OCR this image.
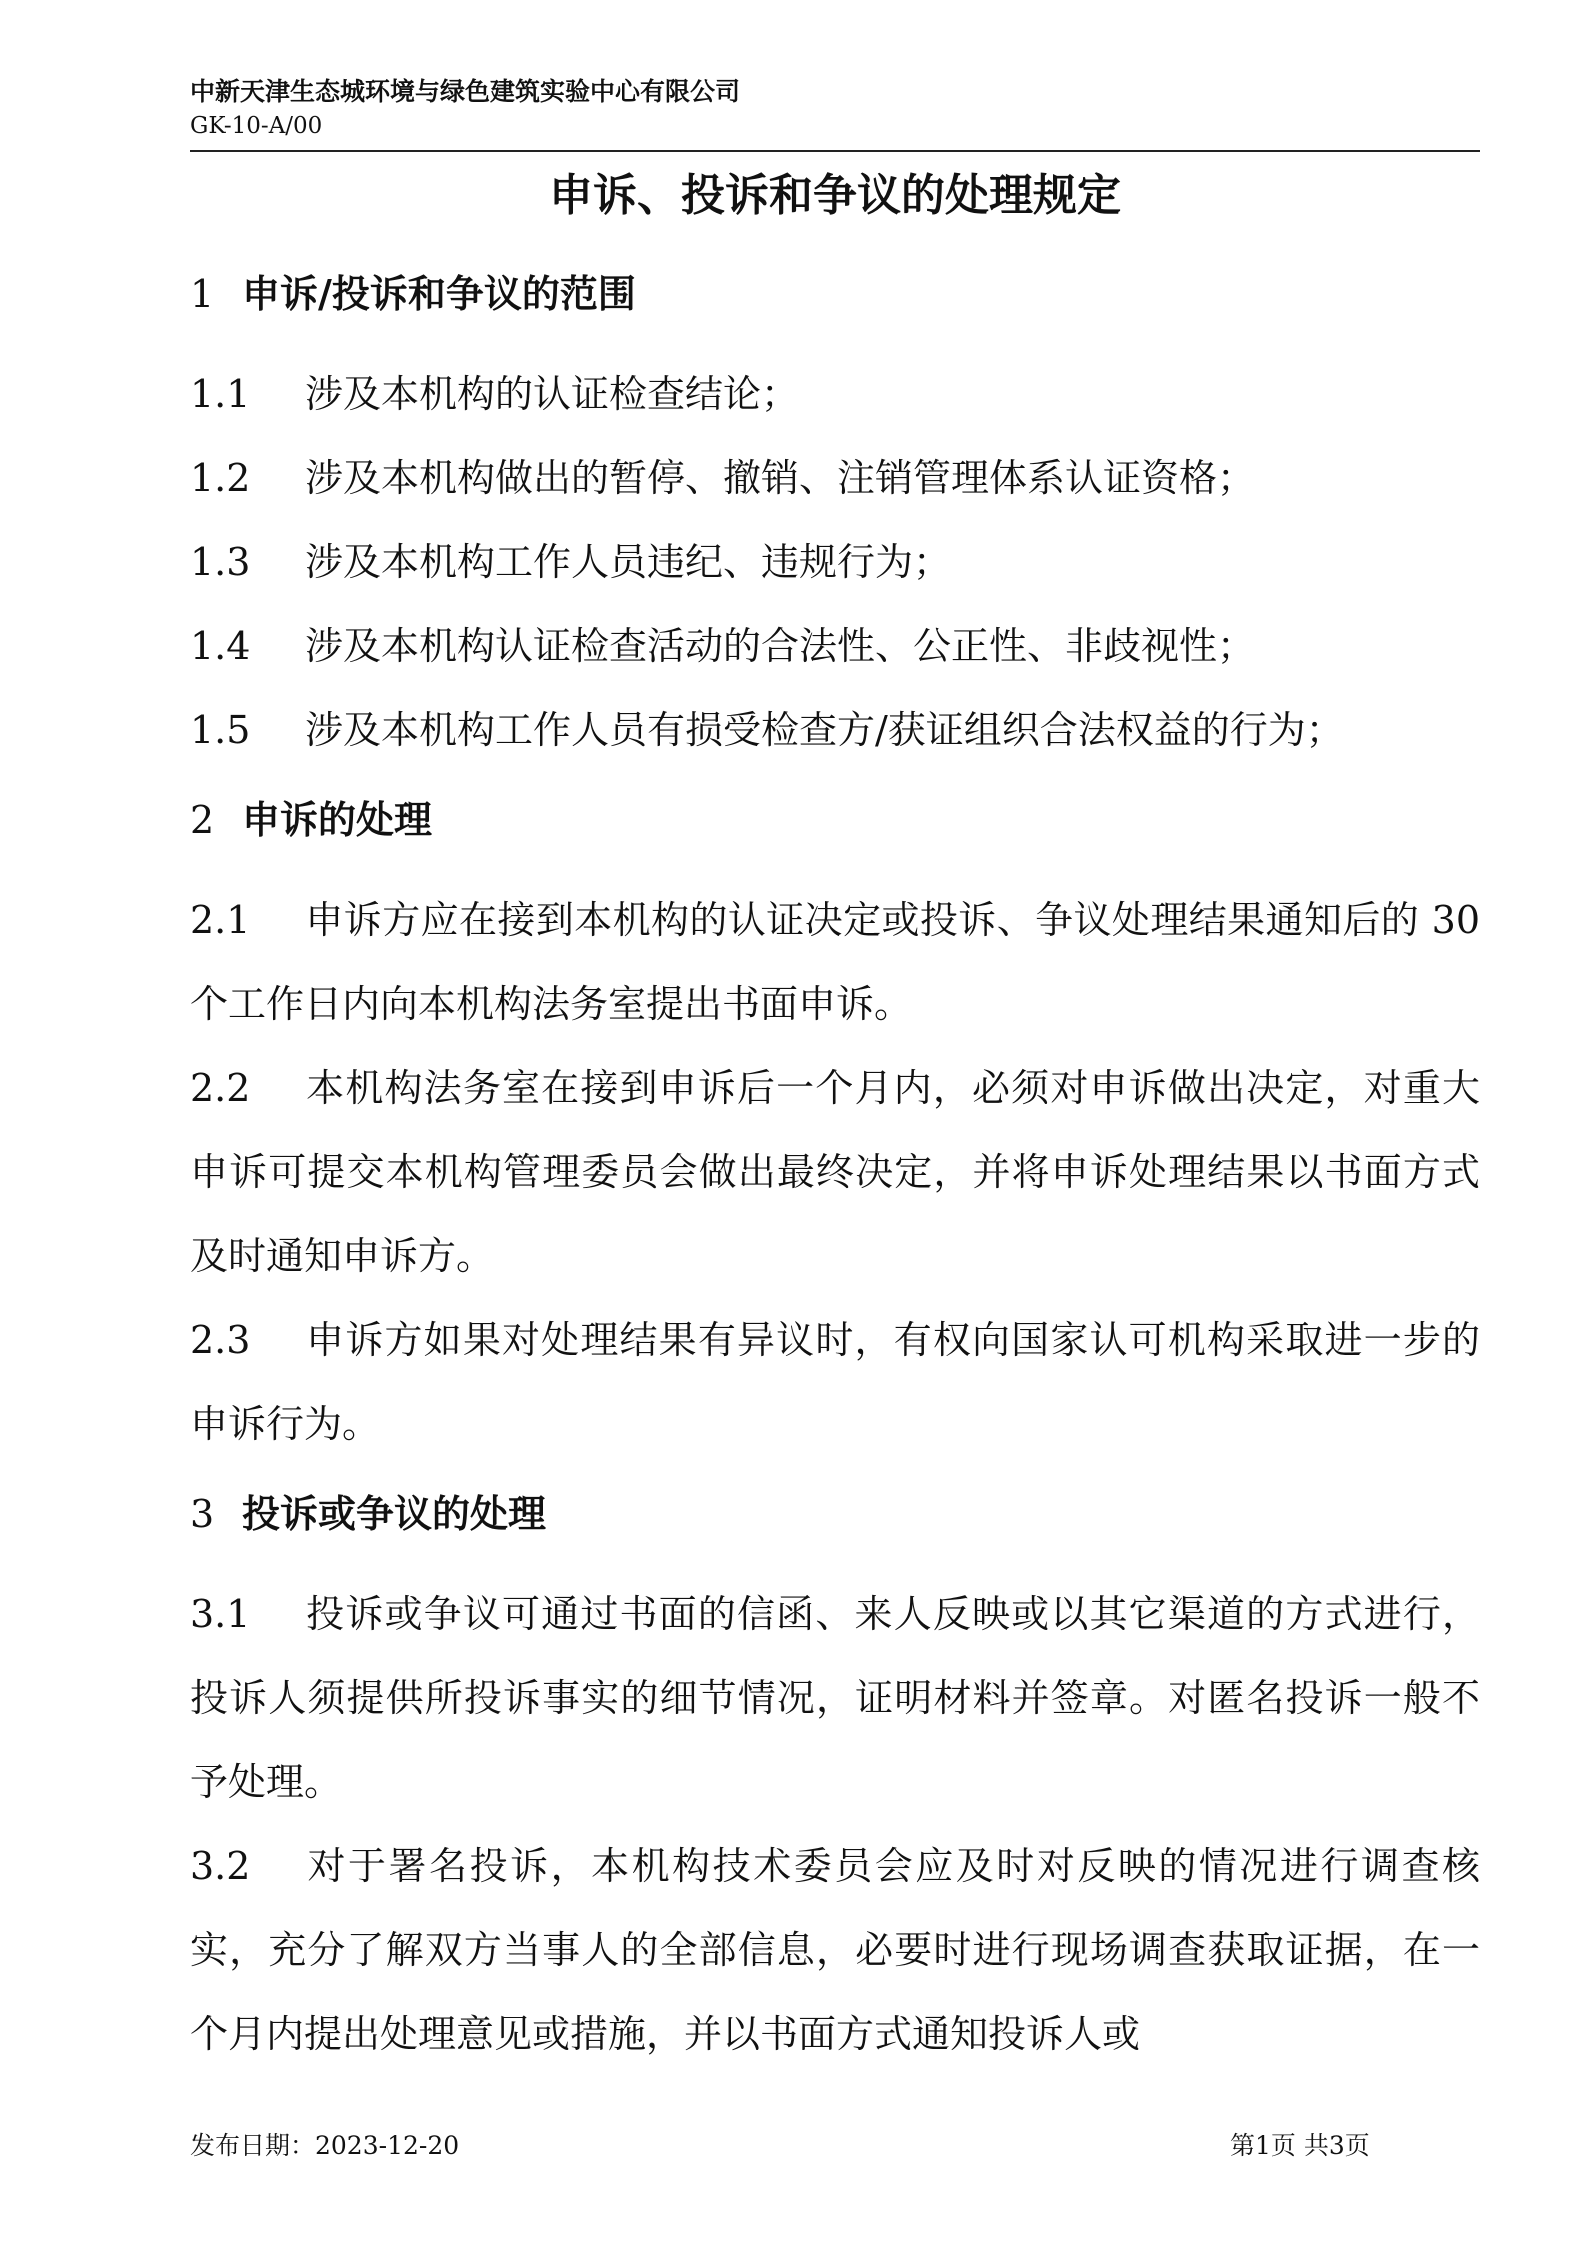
中新天津生态城环境与绿色建筑实验中心有限公司
GK-10-A/00
申诉、投诉和争议的处理规定
1 申诉/投诉和争议的范围

1.1 涉及本机构的认证检查结论；

1.2 涉及本机构做出的暂停、撤销、注销管理体系认证资格；

1.3 涉及本机构工作人员违纪、违规行为；

1.4 涉及本机构认证检查活动的合法性、公正性、非歧视性；

1.5 涉及本机构工作人员有损受检查方/获证组织合法权益的行为；

2 申诉的处理

2.1 申诉方应在接到本机构的认证决定或投诉、争议处理结果通知后的 30 个工作日内向本机构法务室提出书面申诉。

2.2 本机构法务室在接到申诉后一个月内，必须对申诉做出决定，对重大申诉可提交本机构管理委员会做出最终决定，并将申诉处理结果以书面方式及时通知申诉方。

2.3 申诉方如果对处理结果有异议时，有权向国家认可机构采取进一步的申诉行为。

3 投诉或争议的处理

3.1 投诉或争议可通过书面的信函、来人反映或以其它渠道的方式进行，投诉人须提供所投诉事实的细节情况，证明材料并签章。对匿名投诉一般不予处理。

3.2 对于署名投诉，本机构技术委员会应及时对反映的情况进行调查核实，充分了解双方当事人的全部信息，必要时进行现场调查获取证据，在一个月内提出处理意见或措施，并以书面方式通知投诉人或

发布日期：2023-12-20	第1页 共3页
